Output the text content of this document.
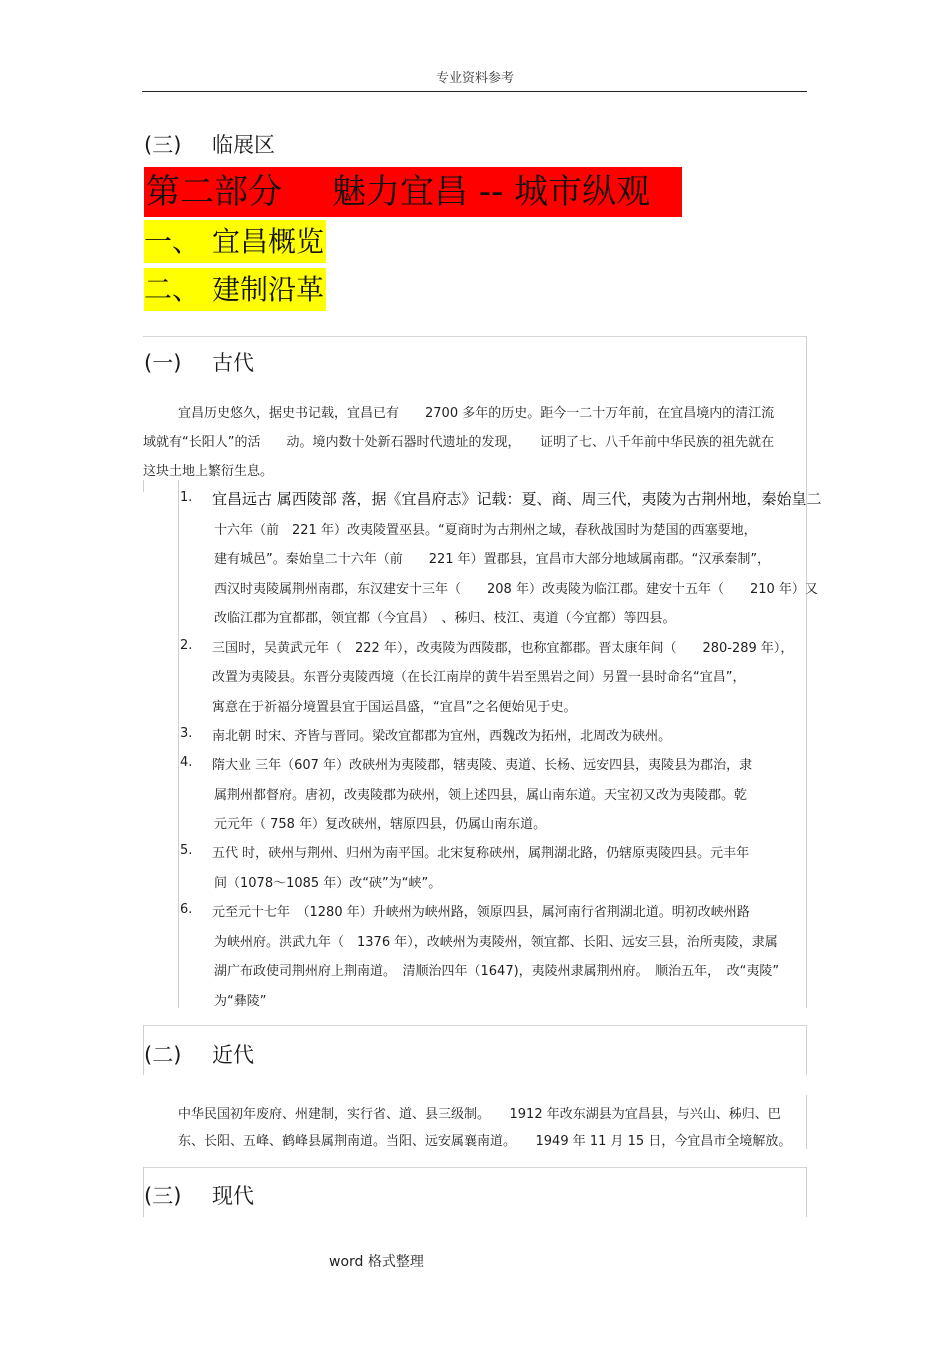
专业资料参考
(三) 临展区
第二部分 魅力宜昌 -- 城市纵观
一、 宜昌概览
二、 建制沿革
(一) 古代
宜昌历史悠久，据史书记载，宜昌已有　　2700 多年的历史。距今一二十万年前，在宜昌境内的清江流
域就有“长阳人”的活　　动。境内数十处新石器时代遗址的发现，　　证明了七、八千年前中华民族的祖先就在
这块土地上繁衍生息。
1. 宜昌远古 属西陵部 落，据《宜昌府志》记载：夏、商、周三代，夷陵为古荆州地，秦始皇二
十六年（前　221 年）改夷陵置巫县。“夏商时为古荆州之域，春秋战国时为楚国的西塞要地，
建有城邑”。秦始皇二十六年（前　　221 年）置郡县，宜昌市大部分地域属南郡。“汉承秦制”，
西汉时夷陵属荆州南郡，东汉建安十三年（　　208 年）改夷陵为临江郡。建安十五年（　　210 年）又
改临江郡为宜都郡，领宜都（今宜昌）　、秭归、枝江、夷道（今宜都）等四县。
2. 三国时，吴黄武元年（　222 年），改夷陵为西陵郡，也称宜都郡。晋太康年间（　　280-289 年），
改置为夷陵县。东晋分夷陵西境（在长江南岸的黄牛岩至黑岩之间）另置一县时命名“宜昌”，
寓意在于祈福分境置县宜于国运昌盛，“宜昌”之名便始见于史。
3. 南北朝 时宋、齐皆与晋同。梁改宜都郡为宜州，西魏改为拓州，北周改为硖州。
4. 隋大业 三年（607 年）改硖州为夷陵郡，辖夷陵、夷道、长杨、远安四县，夷陵县为郡治，隶
属荆州都督府。唐初，改夷陵郡为硖州，领上述四县，属山南东道。天宝初又改为夷陵郡。乾
元元年（ 758 年）复改硖州，辖原四县，仍属山南东道。
5. 五代 时，硖州与荆州、归州为南平国。北宋复称硖州，属荆湖北路，仍辖原夷陵四县。元丰年
间（1078～1085 年）改“硖”为“峡”。
6. 元至元十七年　（1280 年）升峡州为峡州路，领原四县，属河南行省荆湖北道。明初改峡州路
为峡州府。洪武九年（　1376 年），改峡州为夷陵州，领宜都、长阳、远安三县，治所夷陵，隶属
湖广布政使司荆州府上荆南道。　清顺治四年（1647)，夷陵州隶属荆州府。　顺治五年，　改“夷陵”
为“彝陵”
(二) 近代
中华民国初年废府、州建制，实行省、道、县三级制。　　1912 年改东湖县为宜昌县，与兴山、秭归、巴
东、长阳、五峰、鹤峰县属荆南道。当阳、远安属襄南道。　　1949 年 11 月 15 日，今宜昌市全境解放。
(三) 现代
word 格式整理
